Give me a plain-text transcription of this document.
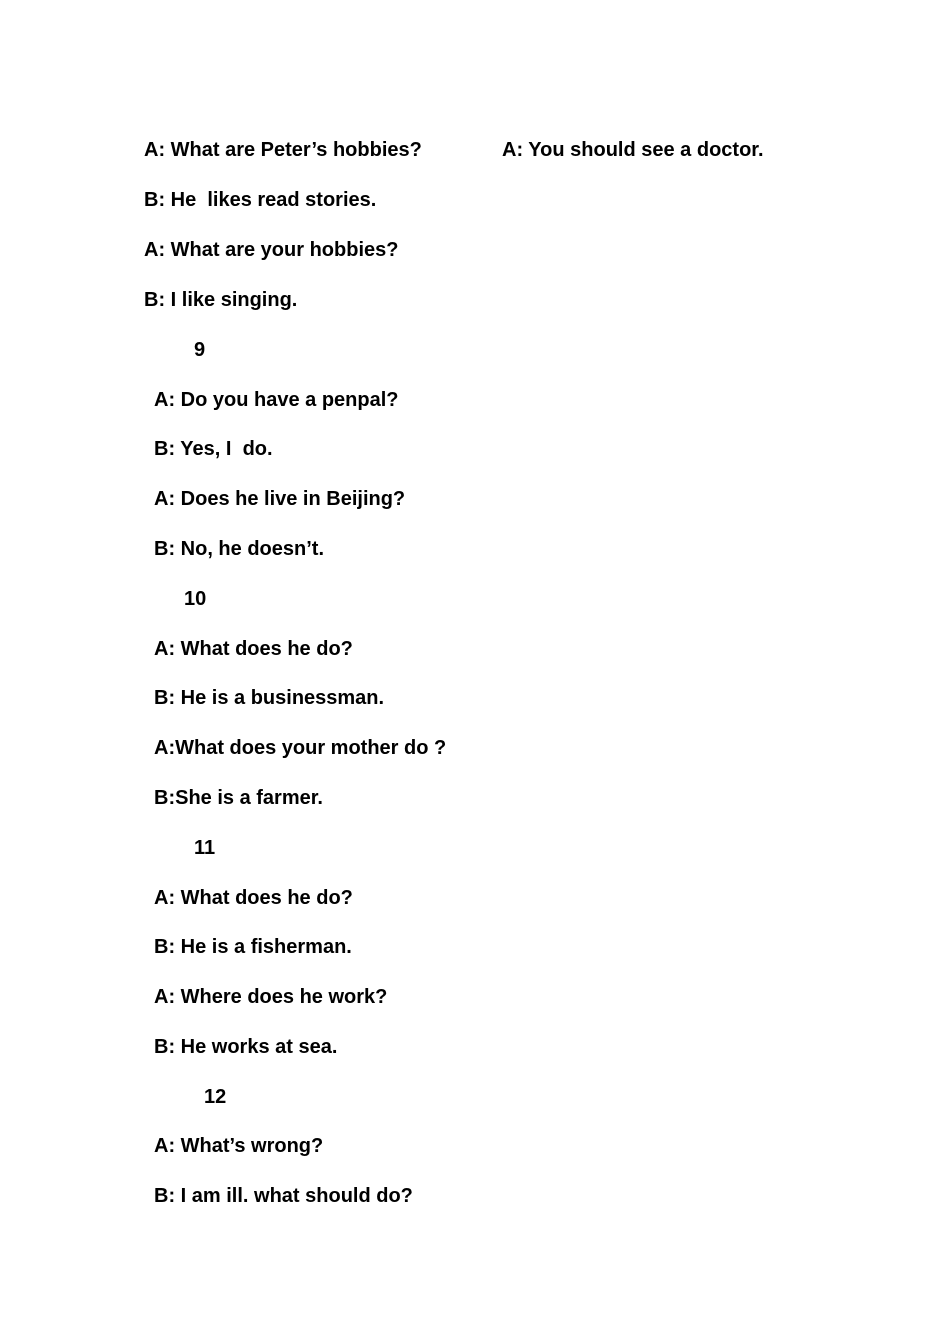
A: What are Peter’s hobbies?
B: He  likes read stories.
A: What are your hobbies?
B: I like singing.
9
A: Do you have a penpal?
B: Yes, I  do.
A: Does he live in Beijing?
B: No, he doesn’t.
10
A: What does he do?
B: He is a businessman.
A:What does your mother do ?
B:She is a farmer.
11
A: What does he do?
B: He is a fisherman.
A: Where does he work?
B: He works at sea.
12
A: What’s wrong?
B: I am ill. what should do?
A: You should see a doctor.
